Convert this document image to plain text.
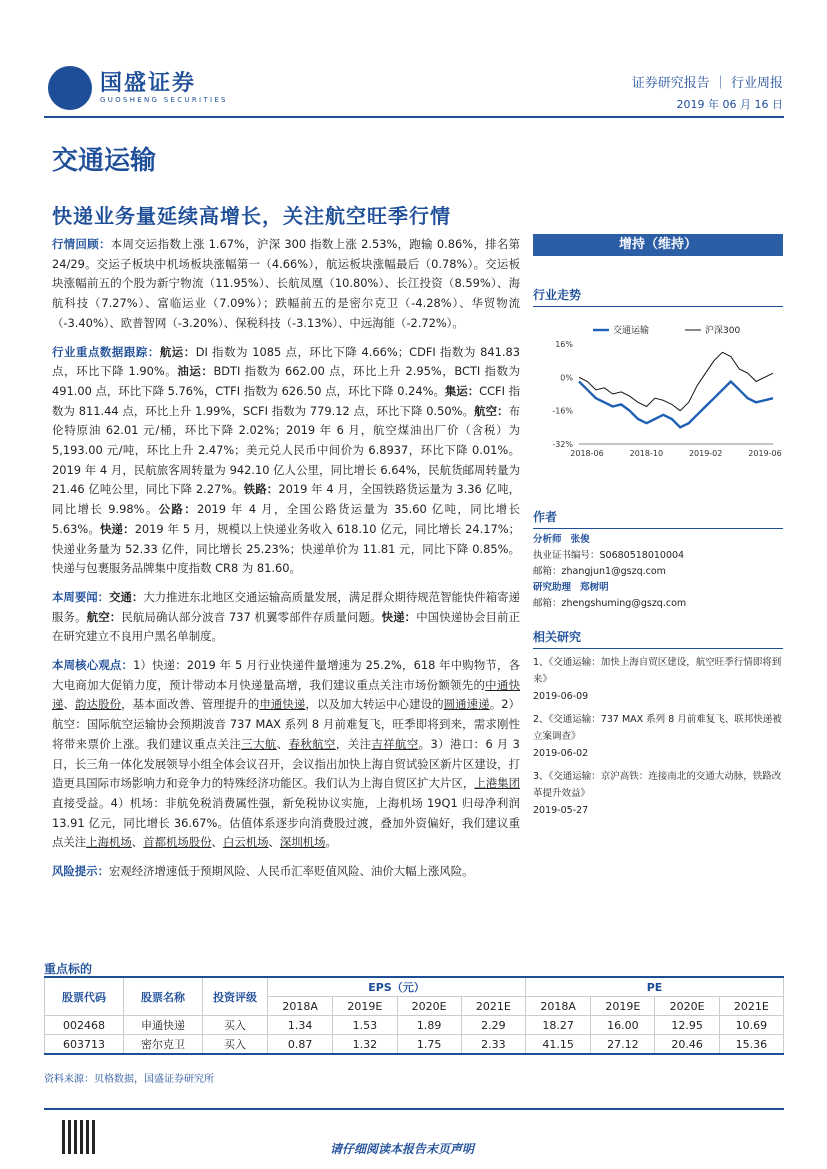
国盛证券
GUOSHENG SECURITIES
证券研究报告 ｜ 行业周报
2019 年 06 月 16 日
交通运输
快递业务量延续高增长，关注航空旺季行情

行情回顾：本周交运指数上涨 1.67%，沪深 300 指数上涨 2.53%，跑输 0.86%，排名第 24/29。交运子板块中机场板块涨幅第一（4.66%），航运板块涨幅最后（0.78%）。交运板块涨幅前五的个股为新宁物流（11.95%）、长航凤凰（10.80%）、长江投资（8.59%）、海航科技（7.27%）、富临运业（7.09%）；跌幅前五的是密尔克卫（-4.28%）、华贸物流（-3.40%）、欧普智网（-3.20%）、保税科技（-3.13%）、中远海能（-2.72%）。

行业重点数据跟踪：航运：DI 指数为 1085 点，环比下降 4.66%；CDFI 指数为 841.83 点，环比下降 1.90%。油运：BDTI 指数为 662.00 点，环比上升 2.95%，BCTI 指数为 491.00 点，环比下降 5.76%，CTFI 指数为 626.50 点，环比下降 0.24%。集运：CCFI 指数为 811.44 点，环比上升 1.99%，SCFI 指数为 779.12 点，环比下降 0.50%。航空：布伦特原油 62.01 元/桶，环比下降 2.02%；2019 年 6 月，航空煤油出厂价（含税）为 5,193.00 元/吨，环比上升 2.47%；美元兑人民币中间价为 6.8937，环比下降 0.01%。2019 年 4 月，民航旅客周转量为 942.10 亿人公里，同比增长 6.64%，民航货邮周转量为 21.46 亿吨公里，同比下降 2.27%。铁路：2019 年 4 月，全国铁路货运量为 3.36 亿吨，同比增长 9.98%。公路：2019 年 4 月，全国公路货运量为 35.60 亿吨，同比增长 5.63%。快递：2019 年 5 月，规模以上快递业务收入 618.10 亿元，同比增长 24.17%；快递业务量为 52.33 亿件，同比增长 25.23%；快递单价为 11.81 元，同比下降 0.85%。快递与包裹服务品牌集中度指数 CR8 为 81.60。

本周要闻：交通：大力推进东北地区交通运输高质量发展，满足群众期待规范智能快件箱寄递服务。航空：民航局确认部分波音 737 机翼零部件存质量问题。快递：中国快递协会目前正在研究建立不良用户黑名单制度。

本周核心观点：1）快递：2019 年 5 月行业快递件量增速为 25.2%，618 年中购物节，各大电商加大促销力度，预计带动本月快递量高增，我们建议重点关注市场份额领先的中通快递、韵达股份，基本面改善、管理提升的申通快递，以及加大转运中心建设的圆通速递。2）航空：国际航空运输协会预期波音 737 MAX 系列 8 月前难复飞，旺季即将到来，需求刚性将带来票价上涨。我们建议重点关注三大航、春秋航空，关注吉祥航空。3）港口：6 月 3 日，长三角一体化发展领导小组全体会议召开，会议指出加快上海自贸试验区新片区建设，打造更具国际市场影响力和竞争力的特殊经济功能区。我们认为上海自贸区扩大片区，上港集团直接受益。4）机场：非航免税消费属性强，新免税协议实施，上海机场 19Q1 归母净利润 13.91 亿元，同比增长 36.67%。估值体系逐步向消费股过渡，叠加外资偏好，我们建议重点关注上海机场、首都机场股份、白云机场、深圳机场。

风险提示：宏观经济增速低于预期风险、人民币汇率贬值风险、油价大幅上涨风险。

增持（维持）
行业走势
16%
0%
-16%
-32%
2018-06	2018-10	2019-02	2019-06
交通运输	沪深300
作者
分析师 张俊
执业证书编号：S0680518010004
邮箱：zhangjun1@gszq.com
研究助理 郑树明
邮箱：zhengshuming@gszq.com
相关研究
1、《交通运输：加快上海自贸区建设，航空旺季行情即将到来》
2019-06-09
2、《交通运输：737 MAX 系列 8 月前难复飞、联邦快递被立案调查》
2019-06-02
3、《交通运输：京沪高铁：连接南北的交通大动脉，铁路改革提升效益》
2019-05-27
重点标的
股票代码	股票名称	投资评级	EPS（元）				PE			
			2018A	2019E	2020E	2021E	2018A	2019E	2020E	2021E
002468	申通快递	买入	1.34	1.53	1.89	2.29	18.27	16.00	12.95	10.69
603713	密尔克卫	买入	0.87	1.32	1.75	2.33	41.15	27.12	20.46	15.36
资料来源：贝格数据，国盛证券研究所
请仔细阅读本报告末页声明
